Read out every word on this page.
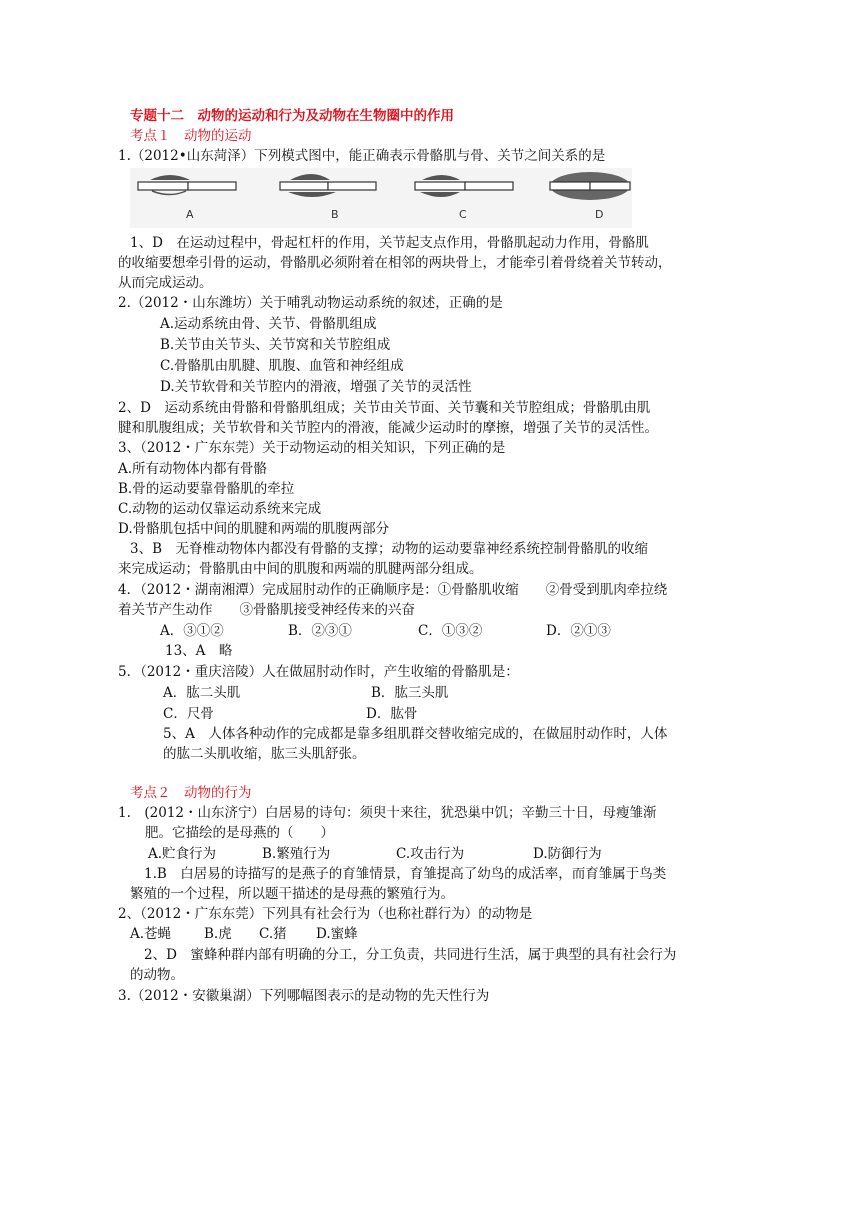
专题十二　动物的运动和行为及动物在生物圈中的作用
考点１　动物的运动
1.（2012•山东菏泽）下列模式图中，能正确表示骨骼肌与骨、关节之间关系的是
A	B	C	D
1、D　在运动过程中，骨起杠杆的作用，关节起支点作用，骨骼肌起动力作用，骨骼肌
的收缩要想牵引骨的运动，骨骼肌必须附着在相邻的两块骨上，才能牵引着骨绕着关节转动，
从而完成运动。
2.（2012・山东潍坊）关于哺乳动物运动系统的叙述，正确的是
A.运动系统由骨、关节、骨骼肌组成
B.关节由关节头、关节窝和关节腔组成
C.骨骼肌由肌腱、肌腹、血管和神经组成
D.关节软骨和关节腔内的滑液，增强了关节的灵活性
2、D　运动系统由骨骼和骨骼肌组成；关节由关节面、关节囊和关节腔组成；骨骼肌由肌
腱和肌腹组成；关节软骨和关节腔内的滑液，能减少运动时的摩擦，增强了关节的灵活性。
3、（2012・广东东莞）关于动物运动的相关知识，下列正确的是
A.所有动物体内都有骨骼
B.骨的运动要靠骨骼肌的牵拉
C.动物的运动仅靠运动系统来完成
D.骨骼肌包括中间的肌腱和两端的肌腹两部分
3、B　无脊椎动物体内都没有骨骼的支撑；动物的运动要靠神经系统控制骨骼肌的收缩
来完成运动；骨骼肌由中间的肌腹和两端的肌腱两部分组成。
4．（2012・湖南湘潭）完成屈肘动作的正确顺序是：①骨骼肌收缩　　②骨受到肌肉牵拉绕
着关节产生动作　　③骨骼肌接受神经传来的兴奋
A．③①②	B．②③①	C．①③②	D．②①③
13、A　略
5．（2012・重庆涪陵）人在做屈肘动作时，产生收缩的骨骼肌是：
A．肱二头肌	B．肱三头肌
C．尺骨	D．肱骨
5、A　人体各种动作的完成都是靠多组肌群交替收缩完成的，在做屈肘动作时，人体
的肱二头肌收缩，肱三头肌舒张。
考点２　动物的行为
1.　(2012・山东济宁）白居易的诗句：须臾十来往，犹恐巢中饥；辛勤三十日，母瘦雏渐
肥。它描绘的是母燕的（　　）
A.贮食行为	B.繁殖行为	C.攻击行为	D.防御行为
1.B　白居易的诗描写的是燕子的育雏情景，育雏提高了幼鸟的成活率，而育雏属于鸟类
繁殖的一个过程，所以题干描述的是母燕的繁殖行为。
2、（2012・广东东莞）下列具有社会行为（也称社群行为）的动物是
A.苍蝇 B.虎 C.猪 D.蜜蜂
2、D　蜜蜂种群内部有明确的分工，分工负责，共同进行生活，属于典型的具有社会行为
的动物。
3.（2012・安徽巢湖）下列哪幅图表示的是动物的先天性行为
